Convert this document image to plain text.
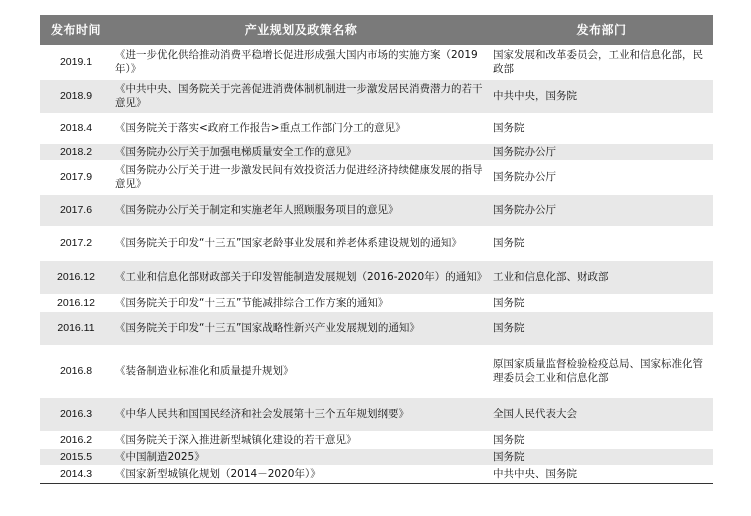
发布时间	产业规划及政策名称	发布部门
2019.1	《进一步优化供给推动消费平稳增长促进形成强大国内市场的实施方案（2019年）》	国家发展和改革委员会，工业和信息化部，民政部
2018.9	《中共中央、国务院关于完善促进消费体制机制进一步激发居民消费潜力的若干意见》	中共中央，国务院
2018.4	《国务院关于落实<政府工作报告>重点工作部门分工的意见》	国务院
2018.2	《国务院办公厅关于加强电梯质量安全工作的意见》	国务院办公厅
2017.9	《国务院办公厅关于进一步激发民间有效投资活力促进经济持续健康发展的指导意见》	国务院办公厅
2017.6	《国务院办公厅关于制定和实施老年人照顾服务项目的意见》	国务院办公厅
2017.2	《国务院关于印发“十三五”国家老龄事业发展和养老体系建设规划的通知》	国务院
2016.12	《工业和信息化部财政部关于印发智能制造发展规划（2016-2020年）的通知》	工业和信息化部、财政部
2016.12	《国务院关于印发“十三五”节能减排综合工作方案的通知》	国务院
2016.11	《国务院关于印发“十三五”国家战略性新兴产业发展规划的通知》	国务院
2016.8	《装备制造业标准化和质量提升规划》	原国家质量监督检验检疫总局、国家标准化管理委员会工业和信息化部
2016.3	《中华人民共和国国民经济和社会发展第十三个五年规划纲要》	全国人民代表大会
2016.2	《国务院关于深入推进新型城镇化建设的若干意见》	国务院
2015.5	《中国制造2025》	国务院
2014.3	《国家新型城镇化规划（2014－2020年）》	中共中央、国务院
